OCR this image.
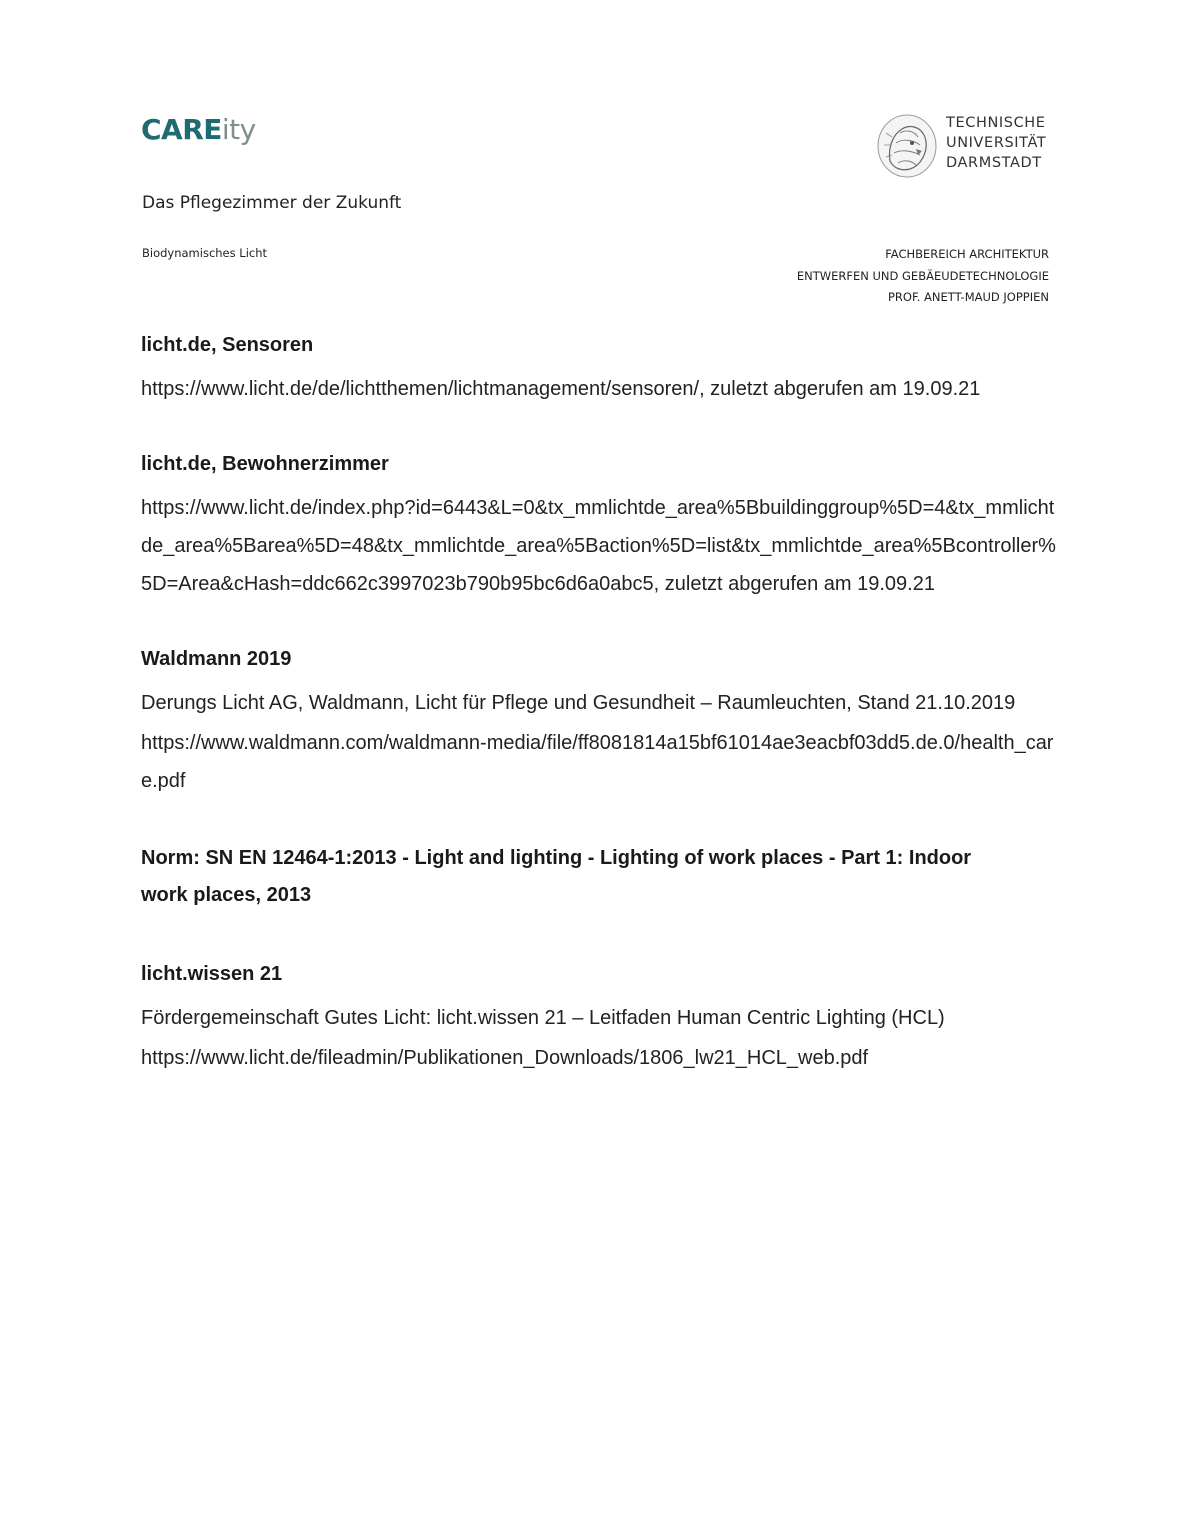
CAREity
Das Pflegezimmer der Zukunft
Biodynamisches Licht
TECHNISCHE
UNIVERSITÄT
DARMSTADT
FACHBEREICH ARCHITEKTUR
ENTWERFEN UND GEBÄEUDETECHNOLOGIE
PROF. ANETT-MAUD JOPPIEN
licht.de, Sensoren
https://www.licht.de/de/lichtthemen/lichtmanagement/sensoren/, zuletzt abgerufen am 19.09.21
licht.de, Bewohnerzimmer
https://www.licht.de/index.php?id=6443&L=0&tx_mmlichtde_area%5Bbuildinggroup%5D=4&tx_mmlichtde_area%5Barea%5D=48&tx_mmlichtde_area%5Baction%5D=list&tx_mmlichtde_area%5Bcontroller%5D=Area&cHash=ddc662c3997023b790b95bc6d6a0abc5, zuletzt abgerufen am 19.09.21
Waldmann 2019
Derungs Licht AG, Waldmann, Licht für Pflege und Gesundheit – Raumleuchten, Stand 21.10.2019
https://www.waldmann.com/waldmann-media/file/ff8081814a15bf61014ae3eacbf03dd5.de.0/health_care.pdf
Norm: SN EN 12464-1:2013 - Light and lighting - Lighting of work places - Part 1: Indoor work places, 2013
licht.wissen 21
Fördergemeinschaft Gutes Licht: licht.wissen 21 – Leitfaden Human Centric Lighting (HCL)
https://www.licht.de/fileadmin/Publikationen_Downloads/1806_lw21_HCL_web.pdf
